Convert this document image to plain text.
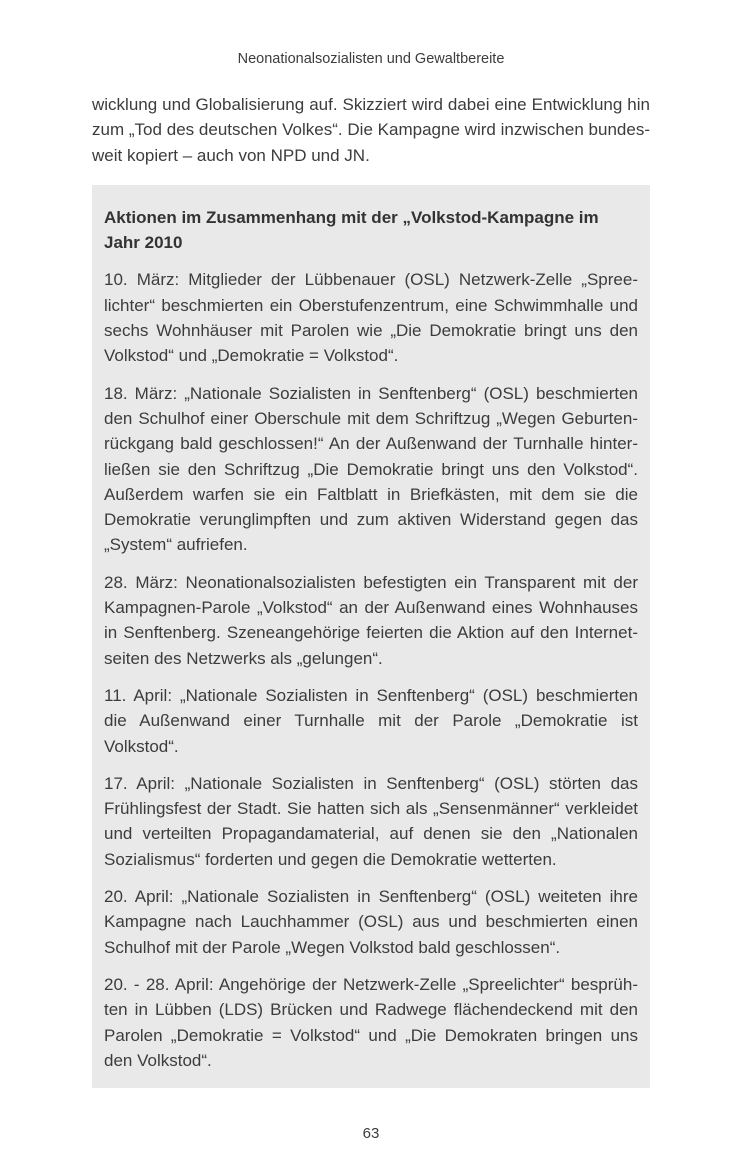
Neonationalsozialisten und Gewaltbereite

wicklung und Globalisierung auf. Skizziert wird dabei eine Entwicklung hin zum „Tod des deutschen Volkes“. Die Kampagne wird inzwischen bundesweit kopiert – auch von NPD und JN.

Aktionen im Zusammenhang mit der „Volkstod-Kampagne im Jahr 2010

10. März: Mitglieder der Lübbenauer (OSL) Netzwerk-Zelle „Spreelichter“ beschmierten ein Oberstufenzentrum, eine Schwimmhalle und sechs Wohnhäuser mit Parolen wie „Die Demokratie bringt uns den Volkstod“ und „Demokratie = Volkstod“.

18. März: „Nationale Sozialisten in Senftenberg“ (OSL) beschmierten den Schulhof einer Oberschule mit dem Schriftzug „Wegen Geburtenrückgang bald geschlossen!“ An der Außenwand der Turnhalle hinterließen sie den Schriftzug „Die Demokratie bringt uns den Volkstod“. Außerdem warfen sie ein Faltblatt in Briefkästen, mit dem sie die Demokratie verunglimpften und zum aktiven Widerstand gegen das „System“ aufriefen.

28. März: Neonationalsozialisten befestigten ein Transparent mit der Kampagnen-Parole „Volkstod“ an der Außenwand eines Wohnhauses in Senftenberg. Szeneangehörige feierten die Aktion auf den Internetseiten des Netzwerks als „gelungen“.

11. April: „Nationale Sozialisten in Senftenberg“ (OSL) beschmierten die Außenwand einer Turnhalle mit der Parole „Demokratie ist Volkstod“.

17. April: „Nationale Sozialisten in Senftenberg“ (OSL) störten das Frühlingsfest der Stadt. Sie hatten sich als „Sensenmänner“ verkleidet und verteilten Propagandamaterial, auf denen sie den „Nationalen Sozialismus“ forderten und gegen die Demokratie wetterten.

20. April: „Nationale Sozialisten in Senftenberg“ (OSL) weiteten ihre Kampagne nach Lauchhammer (OSL) aus und beschmierten einen Schulhof mit der Parole „Wegen Volkstod bald geschlossen“.

20. - 28. April: Angehörige der Netzwerk-Zelle „Spreelichter“ besprühten in Lübben (LDS) Brücken und Radwege flächendeckend mit den Parolen „Demokratie = Volkstod“ und „Die Demokraten bringen uns den Volkstod“.

63
